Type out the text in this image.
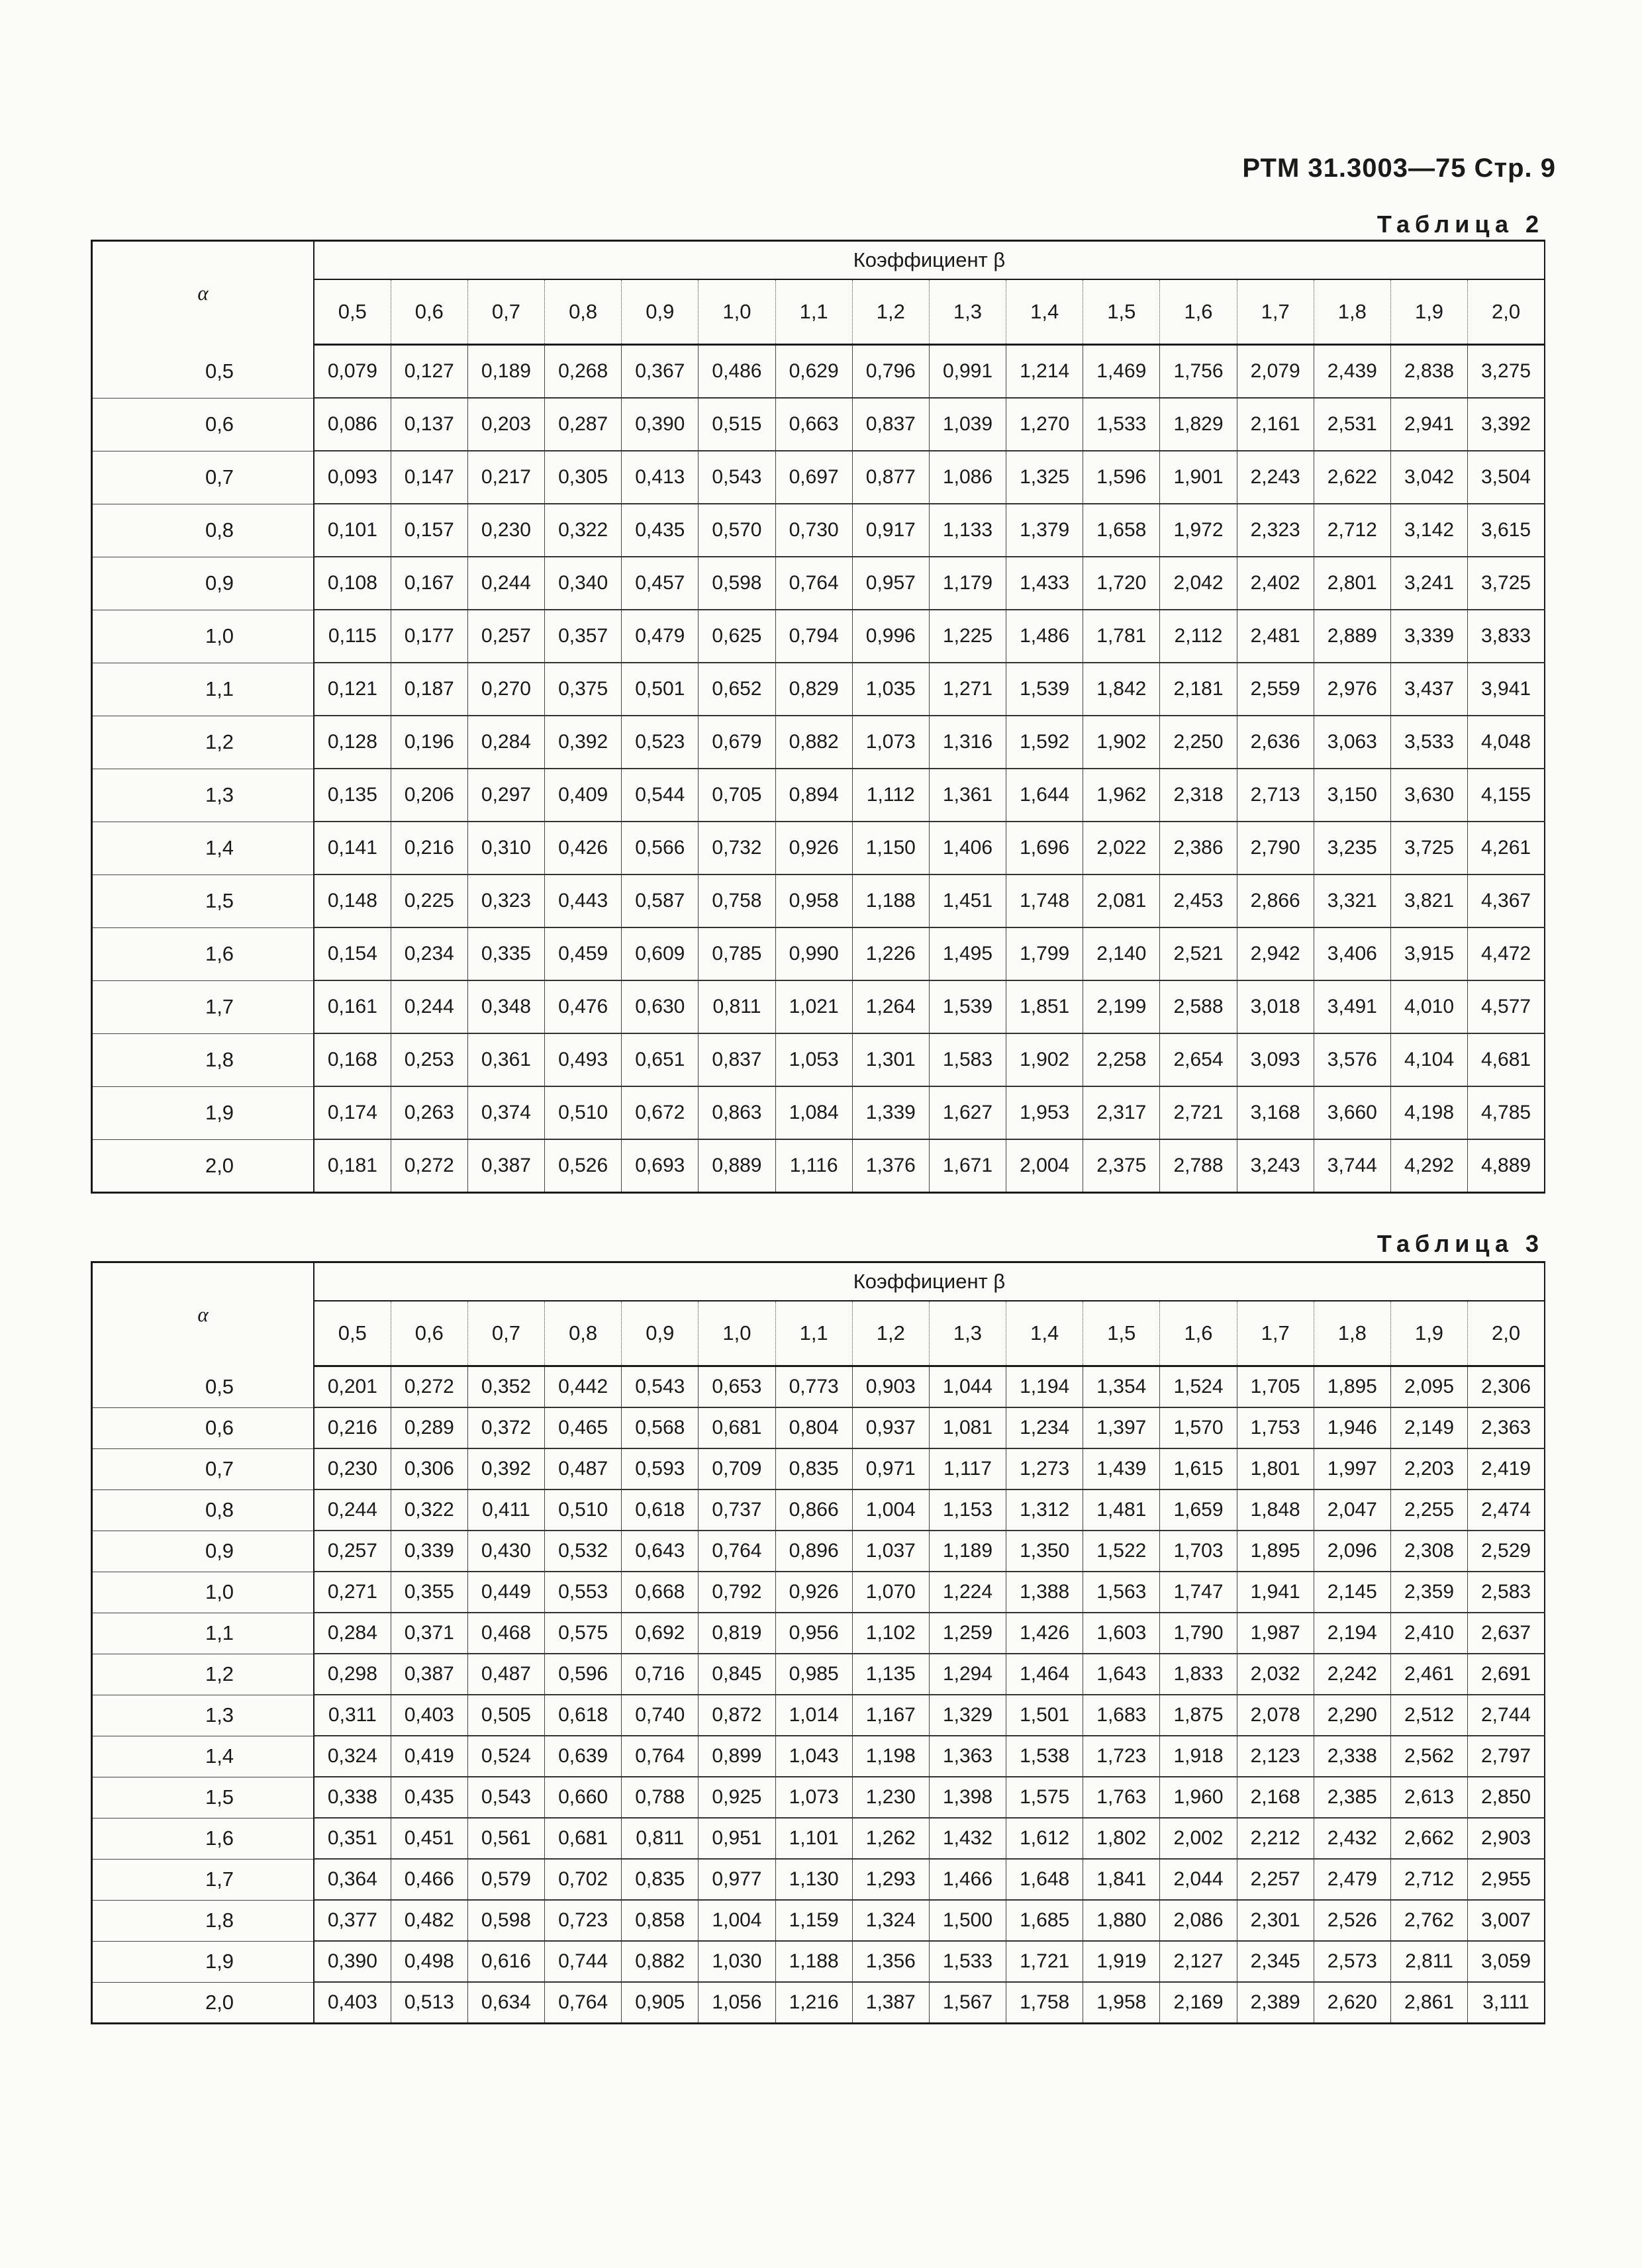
РТМ 31.3003—75 Стр. 9
Таблица 2
α	Коэффициент β															
	0,5	0,6	0,7	0,8	0,9	1,0	1,1	1,2	1,3	1,4	1,5	1,6	1,7	1,8	1,9	2,0
0,5	0,079	0,127	0,189	0,268	0,367	0,486	0,629	0,796	0,991	1,214	1,469	1,756	2,079	2,439	2,838	3,275
0,6	0,086	0,137	0,203	0,287	0,390	0,515	0,663	0,837	1,039	1,270	1,533	1,829	2,161	2,531	2,941	3,392
0,7	0,093	0,147	0,217	0,305	0,413	0,543	0,697	0,877	1,086	1,325	1,596	1,901	2,243	2,622	3,042	3,504
0,8	0,101	0,157	0,230	0,322	0,435	0,570	0,730	0,917	1,133	1,379	1,658	1,972	2,323	2,712	3,142	3,615
0,9	0,108	0,167	0,244	0,340	0,457	0,598	0,764	0,957	1,179	1,433	1,720	2,042	2,402	2,801	3,241	3,725
1,0	0,115	0,177	0,257	0,357	0,479	0,625	0,794	0,996	1,225	1,486	1,781	2,112	2,481	2,889	3,339	3,833
1,1	0,121	0,187	0,270	0,375	0,501	0,652	0,829	1,035	1,271	1,539	1,842	2,181	2,559	2,976	3,437	3,941
1,2	0,128	0,196	0,284	0,392	0,523	0,679	0,882	1,073	1,316	1,592	1,902	2,250	2,636	3,063	3,533	4,048
1,3	0,135	0,206	0,297	0,409	0,544	0,705	0,894	1,112	1,361	1,644	1,962	2,318	2,713	3,150	3,630	4,155
1,4	0,141	0,216	0,310	0,426	0,566	0,732	0,926	1,150	1,406	1,696	2,022	2,386	2,790	3,235	3,725	4,261
1,5	0,148	0,225	0,323	0,443	0,587	0,758	0,958	1,188	1,451	1,748	2,081	2,453	2,866	3,321	3,821	4,367
1,6	0,154	0,234	0,335	0,459	0,609	0,785	0,990	1,226	1,495	1,799	2,140	2,521	2,942	3,406	3,915	4,472
1,7	0,161	0,244	0,348	0,476	0,630	0,811	1,021	1,264	1,539	1,851	2,199	2,588	3,018	3,491	4,010	4,577
1,8	0,168	0,253	0,361	0,493	0,651	0,837	1,053	1,301	1,583	1,902	2,258	2,654	3,093	3,576	4,104	4,681
1,9	0,174	0,263	0,374	0,510	0,672	0,863	1,084	1,339	1,627	1,953	2,317	2,721	3,168	3,660	4,198	4,785
2,0	0,181	0,272	0,387	0,526	0,693	0,889	1,116	1,376	1,671	2,004	2,375	2,788	3,243	3,744	4,292	4,889
Таблица 3
α	Коэффициент β															
	0,5	0,6	0,7	0,8	0,9	1,0	1,1	1,2	1,3	1,4	1,5	1,6	1,7	1,8	1,9	2,0
0,5	0,201	0,272	0,352	0,442	0,543	0,653	0,773	0,903	1,044	1,194	1,354	1,524	1,705	1,895	2,095	2,306
0,6	0,216	0,289	0,372	0,465	0,568	0,681	0,804	0,937	1,081	1,234	1,397	1,570	1,753	1,946	2,149	2,363
0,7	0,230	0,306	0,392	0,487	0,593	0,709	0,835	0,971	1,117	1,273	1,439	1,615	1,801	1,997	2,203	2,419
0,8	0,244	0,322	0,411	0,510	0,618	0,737	0,866	1,004	1,153	1,312	1,481	1,659	1,848	2,047	2,255	2,474
0,9	0,257	0,339	0,430	0,532	0,643	0,764	0,896	1,037	1,189	1,350	1,522	1,703	1,895	2,096	2,308	2,529
1,0	0,271	0,355	0,449	0,553	0,668	0,792	0,926	1,070	1,224	1,388	1,563	1,747	1,941	2,145	2,359	2,583
1,1	0,284	0,371	0,468	0,575	0,692	0,819	0,956	1,102	1,259	1,426	1,603	1,790	1,987	2,194	2,410	2,637
1,2	0,298	0,387	0,487	0,596	0,716	0,845	0,985	1,135	1,294	1,464	1,643	1,833	2,032	2,242	2,461	2,691
1,3	0,311	0,403	0,505	0,618	0,740	0,872	1,014	1,167	1,329	1,501	1,683	1,875	2,078	2,290	2,512	2,744
1,4	0,324	0,419	0,524	0,639	0,764	0,899	1,043	1,198	1,363	1,538	1,723	1,918	2,123	2,338	2,562	2,797
1,5	0,338	0,435	0,543	0,660	0,788	0,925	1,073	1,230	1,398	1,575	1,763	1,960	2,168	2,385	2,613	2,850
1,6	0,351	0,451	0,561	0,681	0,811	0,951	1,101	1,262	1,432	1,612	1,802	2,002	2,212	2,432	2,662	2,903
1,7	0,364	0,466	0,579	0,702	0,835	0,977	1,130	1,293	1,466	1,648	1,841	2,044	2,257	2,479	2,712	2,955
1,8	0,377	0,482	0,598	0,723	0,858	1,004	1,159	1,324	1,500	1,685	1,880	2,086	2,301	2,526	2,762	3,007
1,9	0,390	0,498	0,616	0,744	0,882	1,030	1,188	1,356	1,533	1,721	1,919	2,127	2,345	2,573	2,811	3,059
2,0	0,403	0,513	0,634	0,764	0,905	1,056	1,216	1,387	1,567	1,758	1,958	2,169	2,389	2,620	2,861	3,111
